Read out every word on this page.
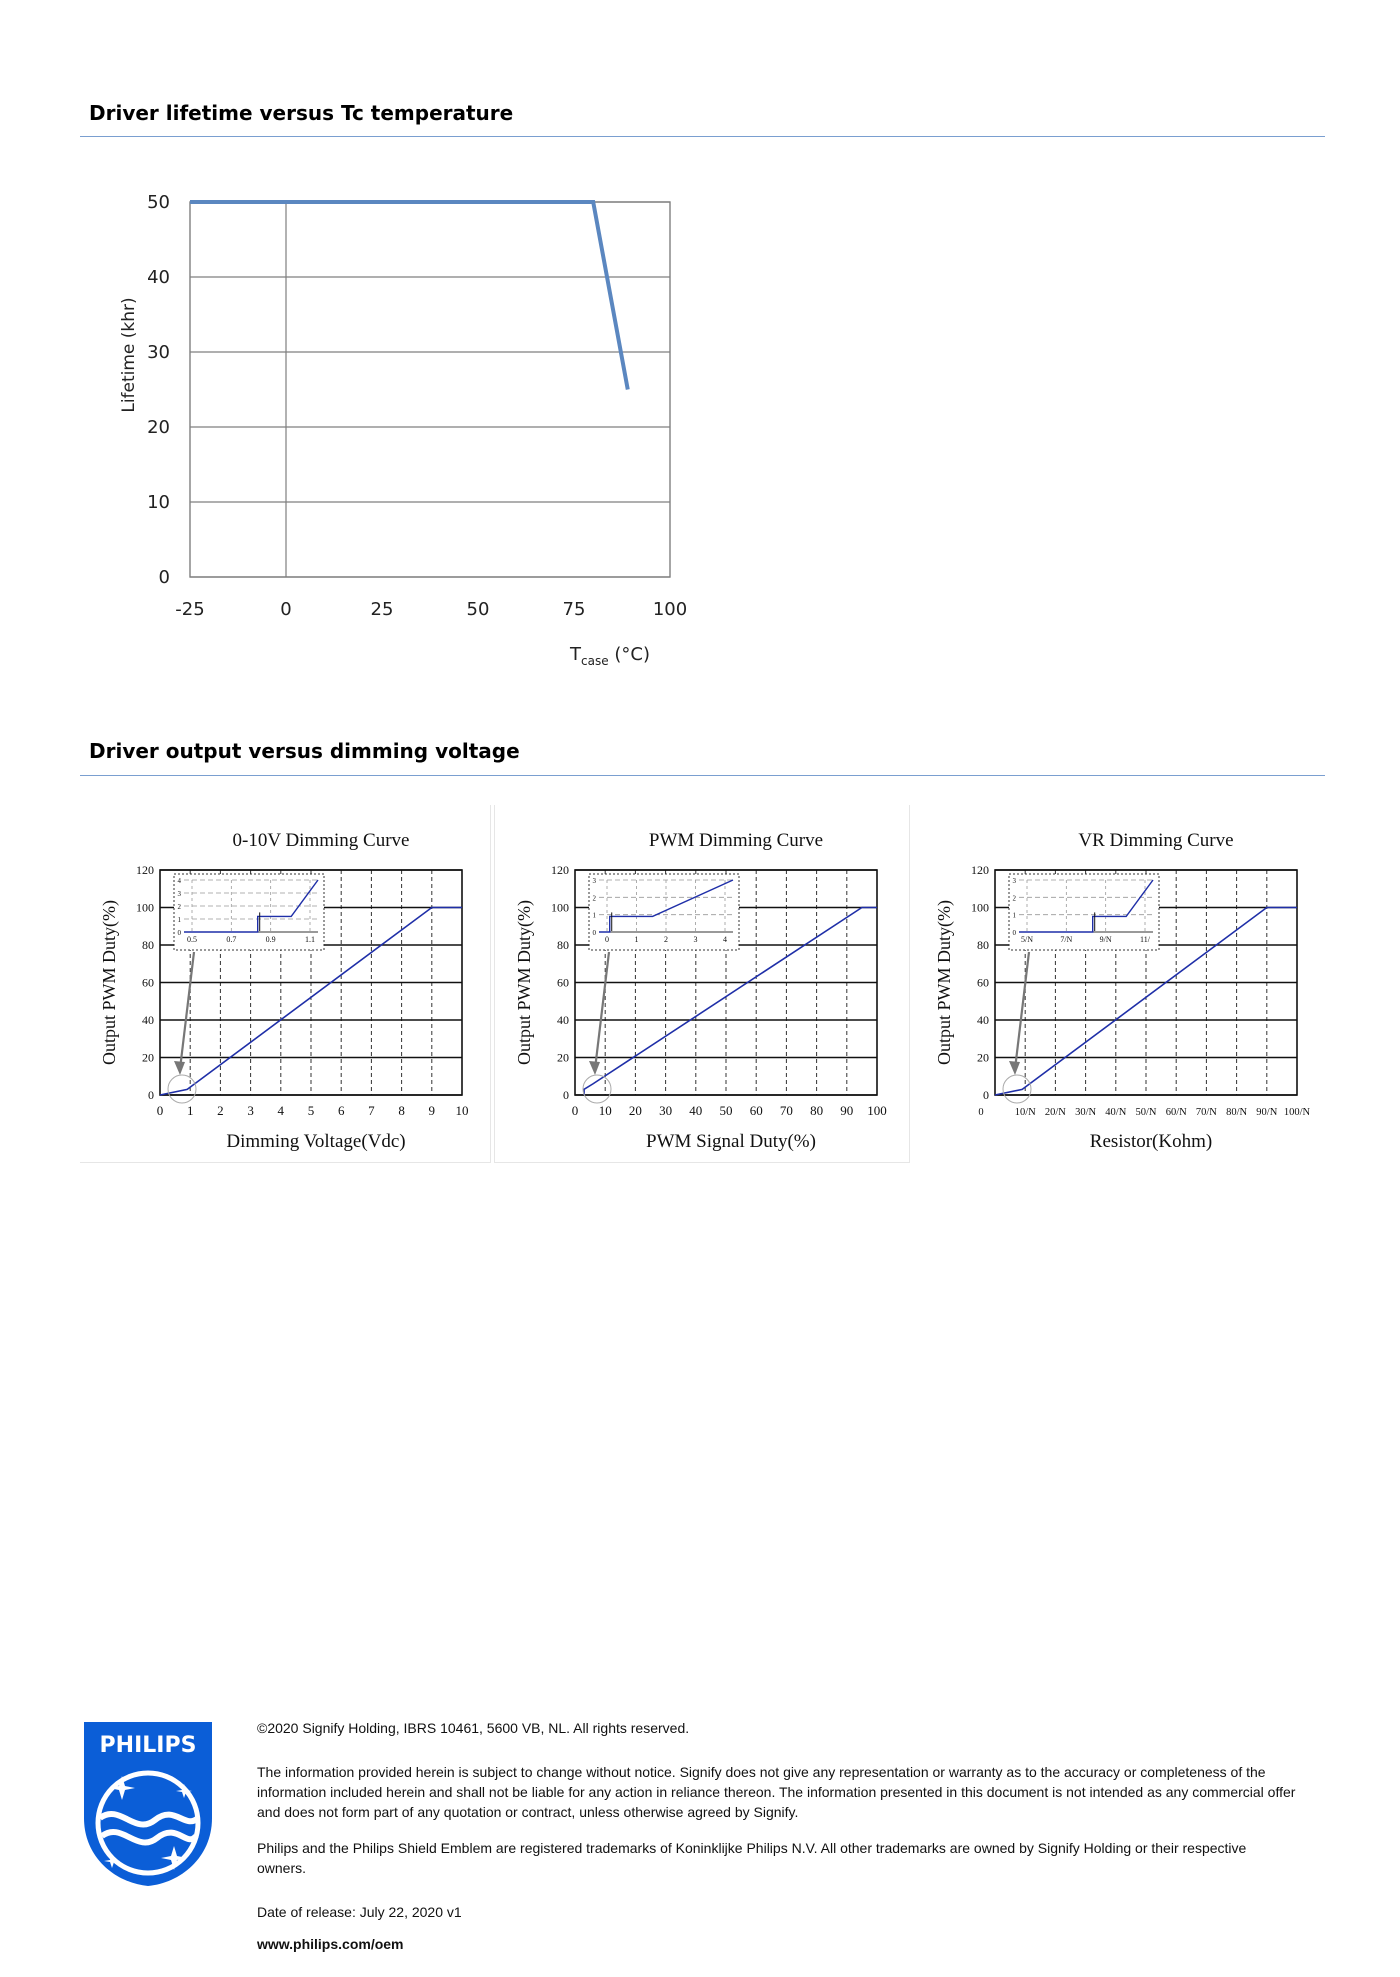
Driver lifetime versus Tc temperature
0
10
20
30
40
50
-25	0	25	50	75	100
Lifetime (khr)
$T_{case}$ (°C)
Driver output versus dimming voltage
0-10V Dimming Curve
Output PWM Duty(%)
Dimming Voltage(Vdc)
0
20
40
60
80
100
120
0 1 2 3 4 5 6 7 8 9 10
0
1
2
3
4
0.5	0.7	0.9	1.1
PWM Dimming Curve
Output PWM Duty(%)
PWM Signal Duty(%)
0
20
40
60
80
100
120
0 10 20 30 40 50 60 70 80 90 100
0
1
2
3
0	1	2	3	4
VR Dimming Curve
Output PWM Duty(%)
Resistor(Kohm)
0
20
40
60
80
100
120
0	10/N 20/N 30/N 40/N 50/N 60/N 70/N 80/N 90/N 100/N
0
1
2
3
5/N	7/N	9/N	11/
PHILIPS

©2020 Signify Holding, IBRS 10461, 5600 VB, NL. All rights reserved.

The information provided herein is subject to change without notice. Signify does not give any representation or warranty as to the accuracy or completeness of the information included herein and shall not be liable for any action in reliance thereon. The information presented in this document is not intended as any commercial offer and does not form part of any quotation or contract, unless otherwise agreed by Signify.

Philips and the Philips Shield Emblem are registered trademarks of Koninklijke Philips N.V. All other trademarks are owned by Signify Holding or their respective owners.

Date of release: July 22, 2020 v1

www.philips.com/oem
